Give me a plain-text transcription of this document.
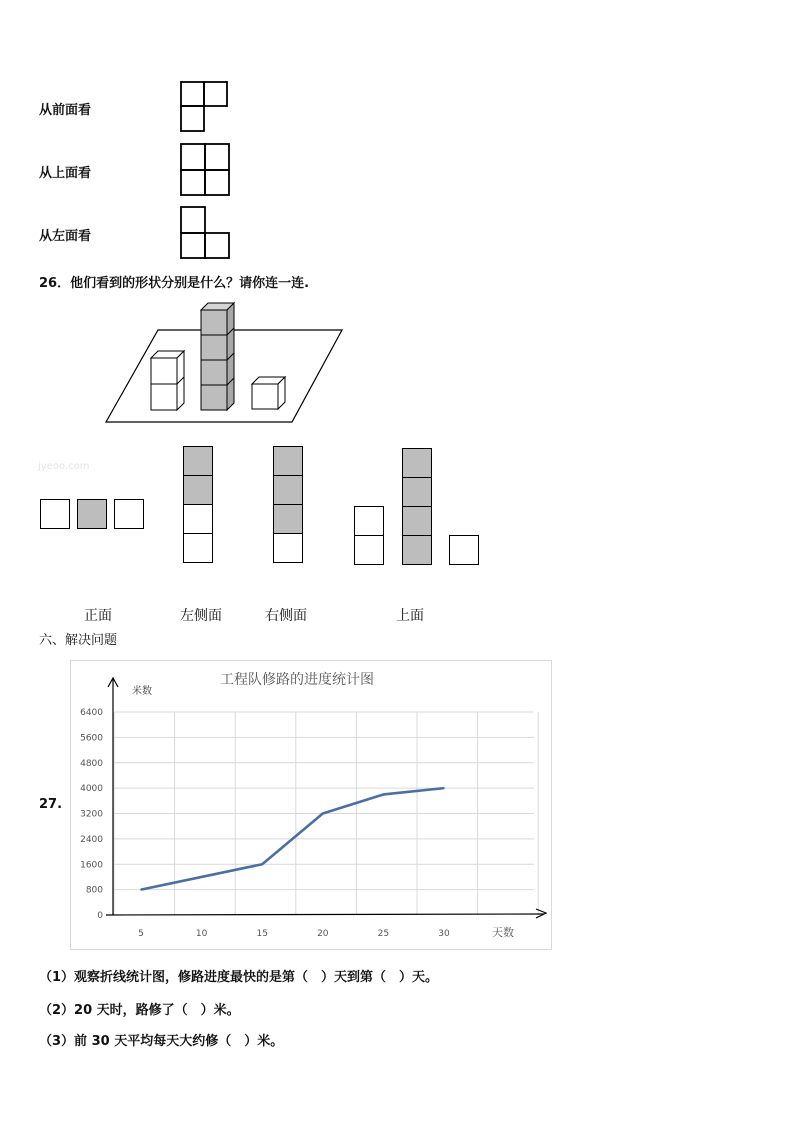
从前面看
从上面看
从左面看
26．他们看到的形状分别是什么？请你连一连.
jyeoo.com
正面	左侧面	右侧面	上面
六、解决问题
27.
工程队修路的进度统计图
0
800
1600
2400
3200
4000
4800
5600
6400
5	10	15	20	25	30
米数
天数
（1）观察折线统计图，修路进度最快的是第（　）天到第（　）天。
（2）20 天时，路修了（　）米。
（3）前 30 天平均每天大约修（　）米。
